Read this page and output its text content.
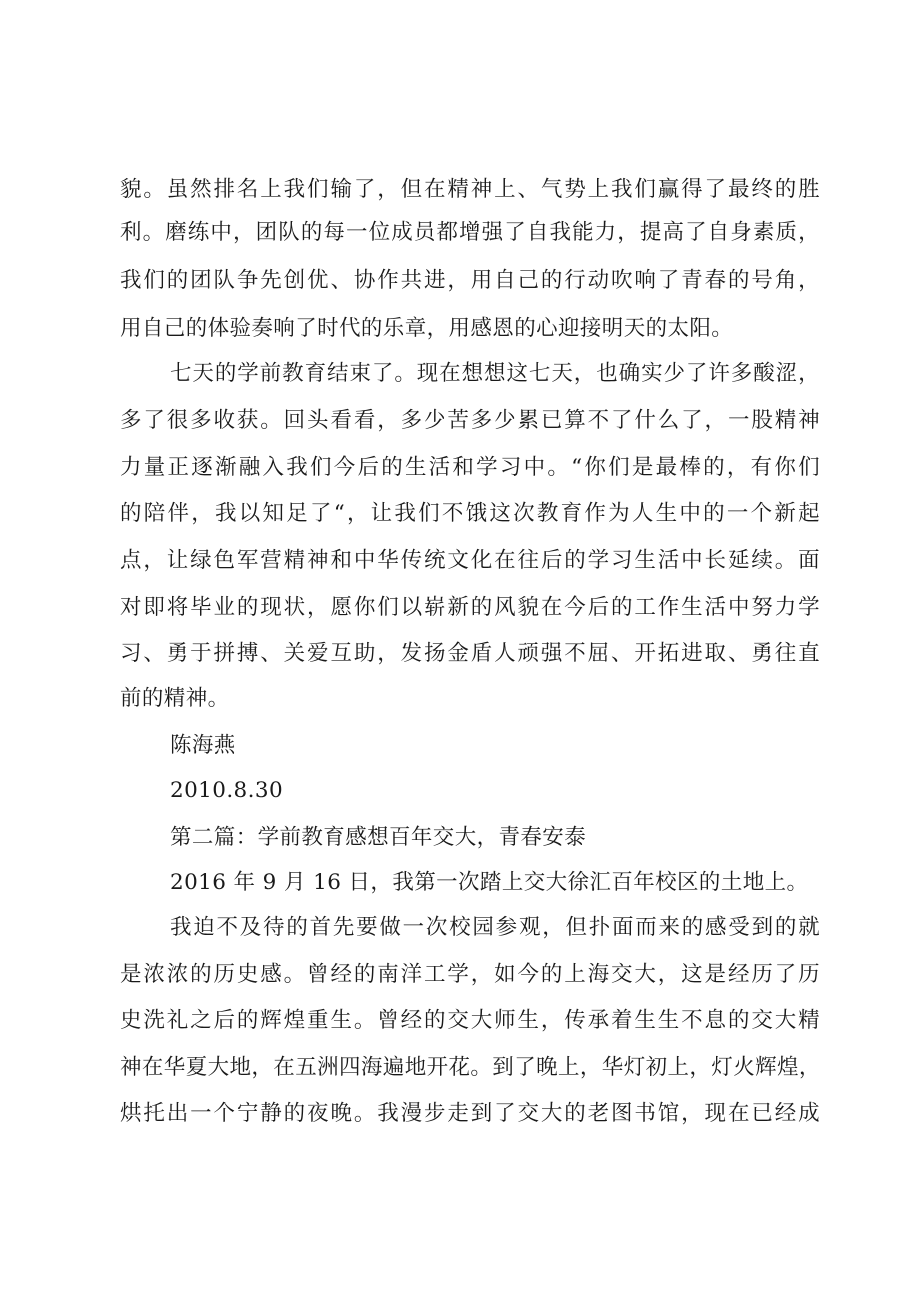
貌。虽然排名上我们输了，但在精神上、气势上我们赢得了最终的胜
利。磨练中，团队的每一位成员都增强了自我能力，提高了自身素质，
我们的团队争先创优、协作共进，用自己的行动吹响了青春的号角，
用自己的体验奏响了时代的乐章，用感恩的心迎接明天的太阳。
七天的学前教育结束了。现在想想这七天，也确实少了许多酸涩，
多了很多收获。回头看看，多少苦多少累已算不了什么了，一股精神
力量正逐渐融入我们今后的生活和学习中。“你们是最棒的，有你们
的陪伴，我以知足了“，让我们不饿这次教育作为人生中的一个新起
点，让绿色军营精神和中华传统文化在往后的学习生活中长延续。面
对即将毕业的现状，愿你们以崭新的风貌在今后的工作生活中努力学
习、勇于拼搏、关爱互助，发扬金盾人顽强不屈、开拓进取、勇往直
前的精神。
陈海燕
2010.8.30
第二篇：学前教育感想百年交大，青春安泰
2016 年 9 月 16 日，我第一次踏上交大徐汇百年校区的土地上。
我迫不及待的首先要做一次校园参观，但扑面而来的感受到的就
是浓浓的历史感。曾经的南洋工学，如今的上海交大，这是经历了历
史洗礼之后的辉煌重生。曾经的交大师生，传承着生生不息的交大精
神在华夏大地，在五洲四海遍地开花。到了晚上，华灯初上，灯火辉煌，
烘托出一个宁静的夜晚。我漫步走到了交大的老图书馆，现在已经成
